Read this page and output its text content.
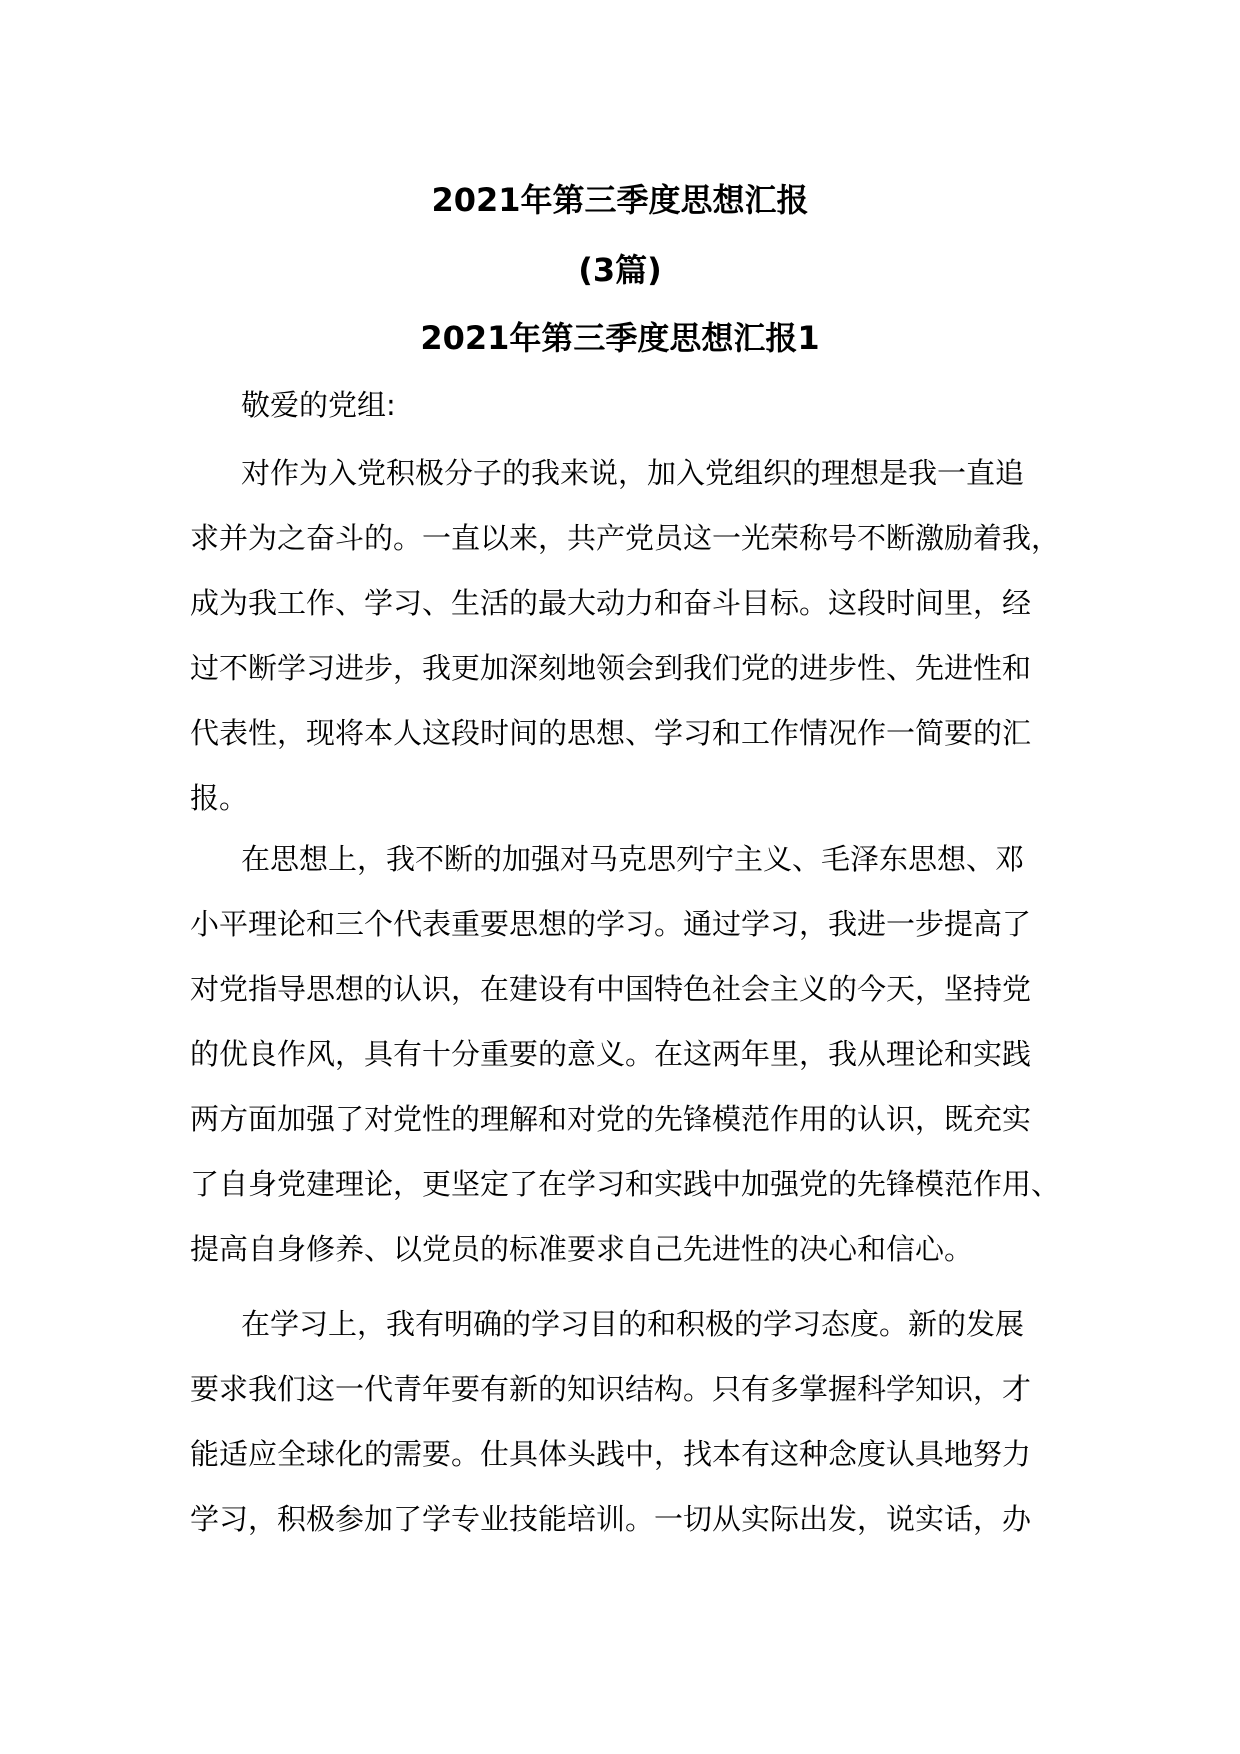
2021年第三季度思想汇报
(3篇)
2021年第三季度思想汇报1
敬爱的党组:
对作为入党积极分子的我来说，加入党组织的理想是我一直追
求并为之奋斗的。一直以来，共产党员这一光荣称号不断激励着我，
成为我工作、学习、生活的最大动力和奋斗目标。这段时间里，经
过不断学习进步，我更加深刻地领会到我们党的进步性、先进性和
代表性，现将本人这段时间的思想、学习和工作情况作一简要的汇
报。
在思想上，我不断的加强对马克思列宁主义、毛泽东思想、邓
小平理论和三个代表重要思想的学习。通过学习，我进一步提高了
对党指导思想的认识，在建设有中国特色社会主义的今天，坚持党
的优良作风，具有十分重要的意义。在这两年里，我从理论和实践
两方面加强了对党性的理解和对党的先锋模范作用的认识，既充实
了自身党建理论，更坚定了在学习和实践中加强党的先锋模范作用、
提高自身修养、以党员的标准要求自己先进性的决心和信心。
在学习上，我有明确的学习目的和积极的学习态度。新的发展
要求我们这一代青年要有新的知识结构。只有多掌握科学知识，才
能适应全球化的需要。仕具体头践中，找本有这种念度认具地努力
学习，积极参加了学专业技能培训。一切从实际出发，说实话，办
